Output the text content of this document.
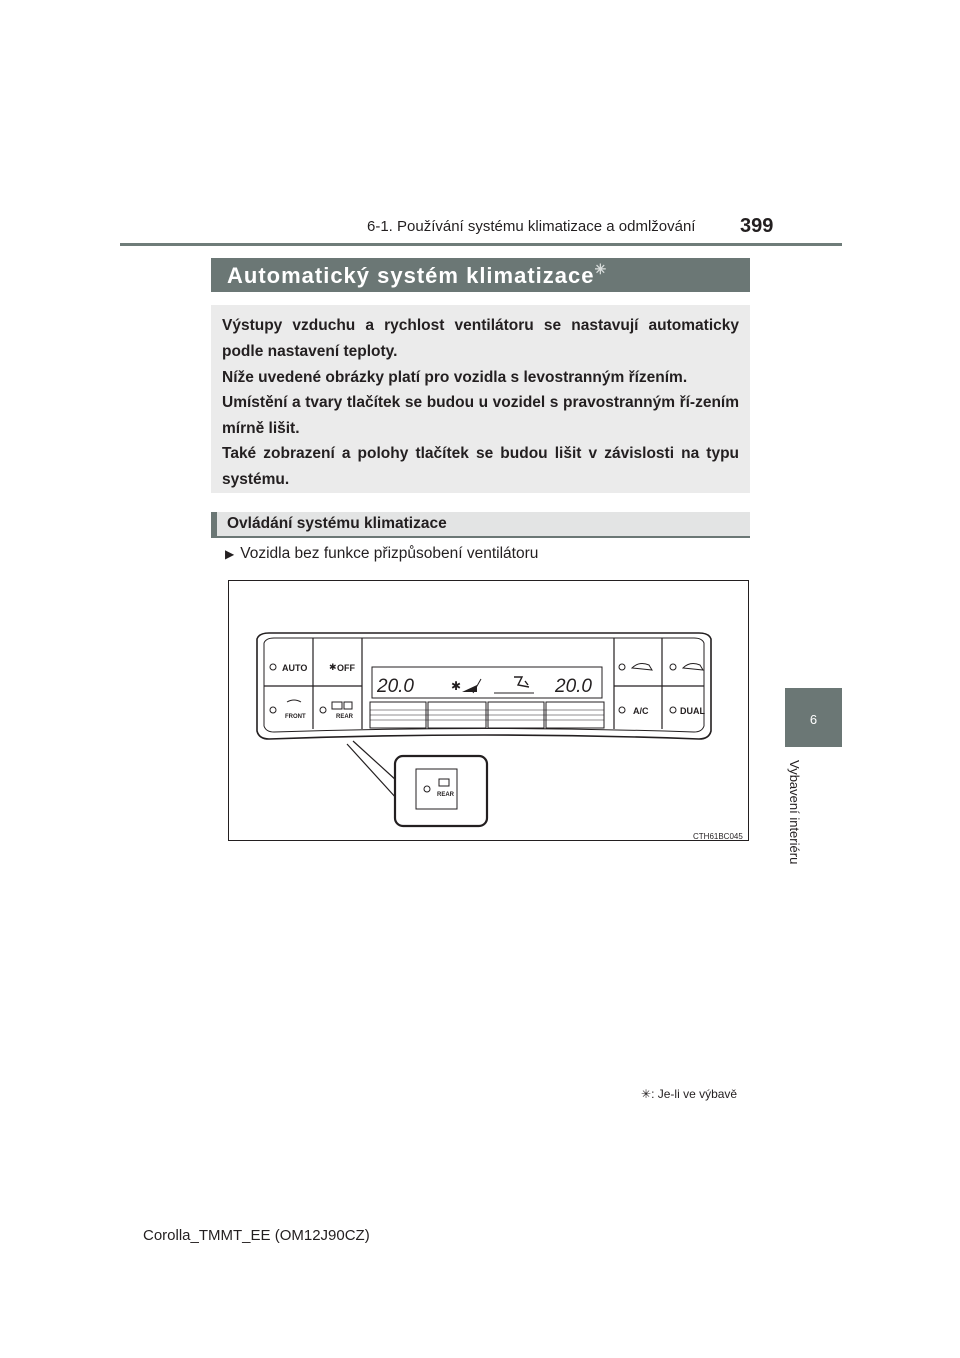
6-1. Používání systému klimatizace a odmlžování 399
6
Vybavení interiéru
Automatický systém klimatizace✳
Výstupy vzduchu a rychlost ventilátoru se nastavují automaticky podle nastavení teploty.
Níže uvedené obrázky platí pro vozidla s levostranným řízením.
Umístění a tvary tlačítek se budou u vozidel s pravostranným ří-zením mírně lišit.
Také zobrazení a polohy tlačítek se budou lišit v závislosti na typu systému.
Ovládání systému klimatizace
▶ Vozidla bez funkce přizpůsobení ventilátoru
AUTO ✱ OFF
FRONT	REAR
20.0	20.0
✱
A/C	DUAL
REAR
CTH61BC045
✳: Je-li ve výbavě
Corolla_TMMT_EE (OM12J90CZ)
